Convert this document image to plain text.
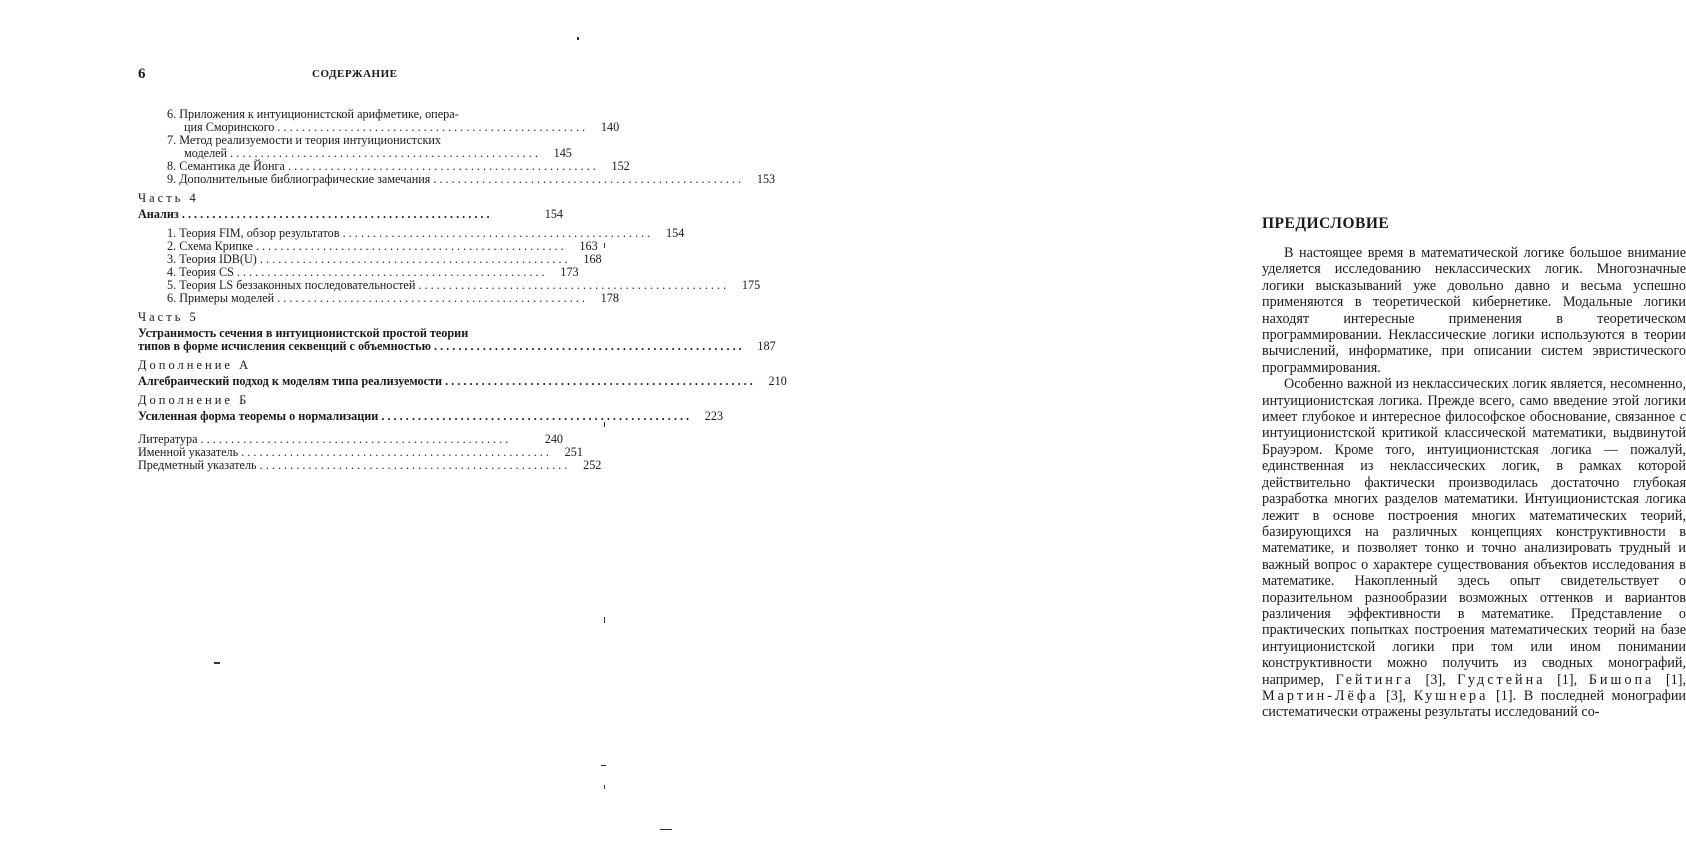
6	СОДЕРЖАНИЕ
6. Приложения к интуиционистской арифметике, опера-
ция Сморинского . . .	140
7. Метод реализуемости и теория интуиционистских
моделей . . .	145
8. Семантика де Йонга . . .	152
9. Дополнительные библиографические замечания . . .	153
Часть 4
Анализ . . .	154
1. Теория FIM, обзор результатов . . .	154
2. Схема Крипке . . .	163
3. Теория IDB(U) . . .	168
4. Теория CS . . .	173
5. Теория LS беззаконных последовательностей . . .	175
6. Примеры моделей . . .	178
Часть 5
Устранимость сечения в интуиционистской простой теории
типов в форме исчисления секвенций с объемностью . . .	187
Дополнение А
Алгебраический подход к моделям типа реализуемости . . .	210
Дополнение Б
Усиленная форма теоремы о нормализации . . .	223
Литература . . .	240
Именной указатель . . .	251
Предметный указатель . . .	252
ПРЕДИСЛОВИЕ

В настоящее время в математической логике большое внимание уделяется исследованию неклассических логик. Многозначные логики высказываний уже довольно давно и весьма успешно применяются в теоретической кибернетике. Модальные логики находят интересные применения в теоретическом программировании. Неклассические логики используются в теории вычислений, информатике, при описании систем эвристического программирования.

Особенно важной из неклассических логик является, несомненно, интуиционистская логика. Прежде всего, само введение этой логики имеет глубокое и интересное философское обоснование, связанное с интуиционистской критикой классической математики, выдвинутой Брауэром. Кроме того, интуиционистская логика — пожалуй, единственная из неклассических логик, в рамках которой действительно фактически производилась достаточно глубокая разработка многих разделов математики. Интуиционистская логика лежит в основе построения многих математических теорий, базирующихся на различных концепциях конструктивности в математике, и позволяет тонко и точно анализировать трудный и важный вопрос о характере существования объектов исследования в математике. Накопленный здесь опыт свидетельствует о поразительном разнообразии возможных оттенков и вариантов различения эффективности в математике. Представление о практических попытках построения математических теорий на базе интуиционистской логики при том или ином понимании конструктивности можно получить из сводных монографий, например, Гейтинга [3], Гудстейна [1], Бишопа [1], Мартин-Лёфа [3], Кушнера [1]. В последней монографии систематически отражены результаты исследований со-
